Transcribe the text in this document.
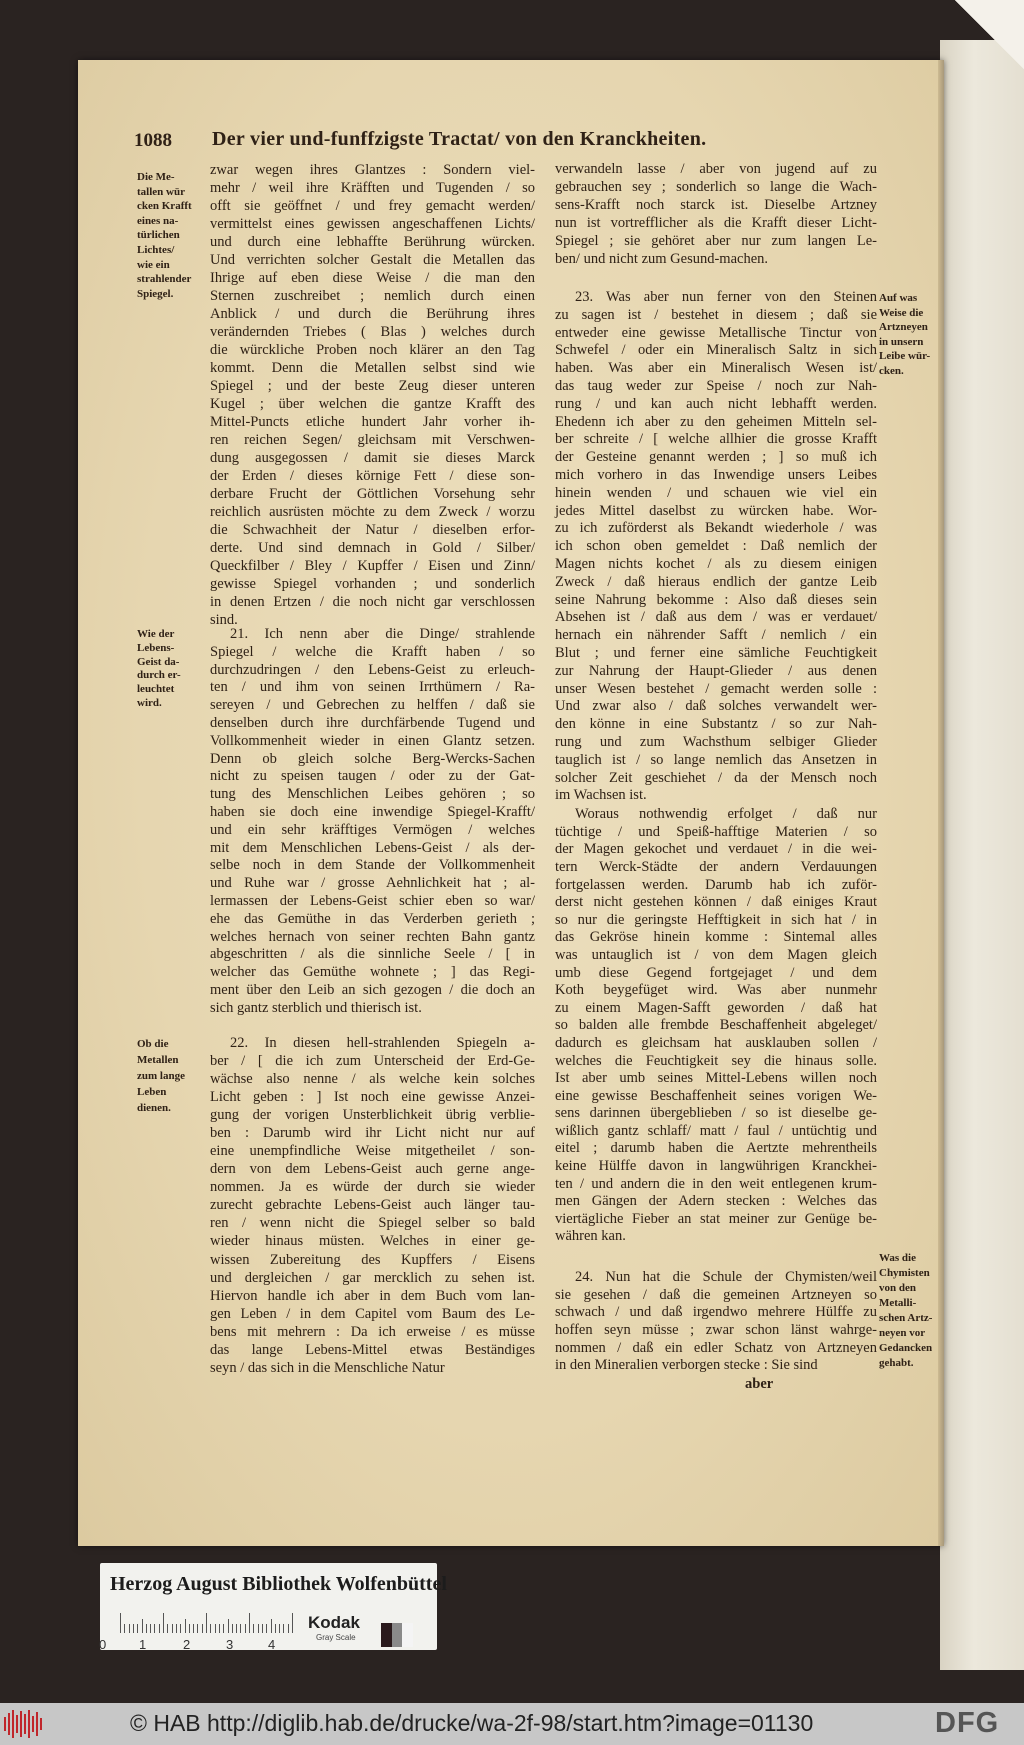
1088 Der vier und-funffzigste Tractat/ von den Kranckheiten.
zwar wegen ihres Glantzes : Sondern viel-
mehr / weil ihre Kräfften und Tugenden / so
offt sie geöffnet / und frey gemacht werden/
vermittelst eines gewissen angeschaffenen Lichts/
und durch eine lebhaffte Berührung würcken.
Und verrichten solcher Gestalt die Metallen das
Ihrige auf eben diese Weise / die man den
Sternen zuschreibet ; nemlich durch einen
Anblick / und durch die Berührung ihres
verändernden Triebes ( Blas ) welches durch
die würckliche Proben noch klärer an den Tag
kommt. Denn die Metallen selbst sind wie
Spiegel ; und der beste Zeug dieser unteren
Kugel ; über welchen die gantze Krafft des
Mittel-Puncts etliche hundert Jahr vorher ih-
ren reichen Segen/ gleichsam mit Verschwen-
dung ausgegossen / damit sie dieses Marck
der Erden / dieses körnige Fett / diese son-
derbare Frucht der Göttlichen Vorsehung sehr
reichlich ausrüsten möchte zu dem Zweck / worzu
die Schwachheit der Natur / dieselben erfor-
derte. Und sind demnach in Gold / Silber/
Queckfilber / Bley / Kupffer / Eisen und Zinn/
gewisse Spiegel vorhanden ; und sonderlich
in denen Ertzen / die noch nicht gar verschlossen
sind.
21. Ich nenn aber die Dinge/ strahlende
Spiegel / welche die Krafft haben / so
durchzudringen / den Lebens-Geist zu erleuch-
ten / und ihm von seinen Irrthümern / Ra-
sereyen / und Gebrechen zu helffen / daß sie
denselben durch ihre durchfärbende Tugend und
Vollkommenheit wieder in einen Glantz setzen.
Denn ob gleich solche Berg-Wercks-Sachen
nicht zu speisen taugen / oder zu der Gat-
tung des Menschlichen Leibes gehören ; so
haben sie doch eine inwendige Spiegel-Krafft/
und ein sehr kräfftiges Vermögen / welches
mit dem Menschlichen Lebens-Geist / als der-
selbe noch in dem Stande der Vollkommenheit
und Ruhe war / grosse Aehnlichkeit hat ; al-
lermassen der Lebens-Geist schier eben so war/
ehe das Gemüthe in das Verderben gerieth ;
welches hernach von seiner rechten Bahn gantz
abgeschritten / als die sinnliche Seele / [ in
welcher das Gemüthe wohnete ; ] das Regi-
ment über den Leib an sich gezogen / die doch an
sich gantz sterblich und thierisch ist.
22. In diesen hell-strahlenden Spiegeln a-
ber / [ die ich zum Unterscheid der Erd-Ge-
wächse also nenne / als welche kein solches
Licht geben : ] Ist noch eine gewisse Anzei-
gung der vorigen Unsterblichkeit übrig verblie-
ben : Darumb wird ihr Licht nicht nur auf
eine unempfindliche Weise mitgetheilet / son-
dern von dem Lebens-Geist auch gerne ange-
nommen. Ja es würde der durch sie wieder
zurecht gebrachte Lebens-Geist auch länger tau-
ren / wenn nicht die Spiegel selber so bald
wieder hinaus müsten. Welches in einer ge-
wissen Zubereitung des Kupffers / Eisens
und dergleichen / gar mercklich zu sehen ist.
Hiervon handle ich aber in dem Buch vom lan-
gen Leben / in dem Capitel vom Baum des Le-
bens mit mehrern : Da ich erweise / es müsse
das lange Lebens-Mittel etwas Beständiges
seyn / das sich in die Menschliche Natur
verwandeln lasse / aber von jugend auf zu
gebrauchen sey ; sonderlich so lange die Wach-
sens-Krafft noch starck ist. Dieselbe Artzney
nun ist vortrefflicher als die Krafft dieser Licht-
Spiegel ; sie gehöret aber nur zum langen Le-
ben/ und nicht zum Gesund-machen.
23. Was aber nun ferner von den Steinen
zu sagen ist / bestehet in diesem ; daß sie
entweder eine gewisse Metallische Tinctur von
Schwefel / oder ein Mineralisch Saltz in sich
haben. Was aber ein Mineralisch Wesen ist/
das taug weder zur Speise / noch zur Nah-
rung / und kan auch nicht lebhafft werden.
Ehedenn ich aber zu den geheimen Mitteln sel-
ber schreite / [ welche allhier die grosse Krafft
der Gesteine genannt werden ; ] so muß ich
mich vorhero in das Inwendige unsers Leibes
hinein wenden / und schauen wie viel ein
jedes Mittel daselbst zu würcken habe. Wor-
zu ich zuförderst als Bekandt wiederhole / was
ich schon oben gemeldet : Daß nemlich der
Magen nichts kochet / als zu diesem einigen
Zweck / daß hieraus endlich der gantze Leib
seine Nahrung bekomme : Also daß dieses sein
Absehen ist / daß aus dem / was er verdauet/
hernach ein nährender Safft / nemlich / ein
Blut ; und ferner eine sämliche Feuchtigkeit
zur Nahrung der Haupt-Glieder / aus denen
unser Wesen bestehet / gemacht werden solle :
Und zwar also / daß solches verwandelt wer-
den könne in eine Substantz / so zur Nah-
rung und zum Wachsthum selbiger Glieder
tauglich ist / so lange nemlich das Ansetzen in
solcher Zeit geschiehet / da der Mensch noch
im Wachsen ist.
Woraus nothwendig erfolget / daß nur
tüchtige / und Speiß-hafftige Materien / so
der Magen gekochet und verdauet / in die wei-
tern Werck-Städte der andern Verdauungen
fortgelassen werden. Darumb hab ich zuför-
derst nicht gestehen können / daß einiges Kraut
so nur die geringste Hefftigkeit in sich hat / in
das Gekröse hinein komme : Sintemal alles
was untauglich ist / von dem Magen gleich
umb diese Gegend fortgejaget / und dem
Koth beygefüget wird. Was aber nunmehr
zu einem Magen-Safft geworden / daß hat
so balden alle frembde Beschaffenheit abgeleget/
dadurch es gleichsam hat ausklauben sollen /
welches die Feuchtigkeit sey die hinaus solle.
Ist aber umb seines Mittel-Lebens willen noch
eine gewisse Beschaffenheit seines vorigen We-
sens darinnen übergeblieben / so ist dieselbe ge-
wißlich gantz schlaff/ matt / faul / untüchtig und
eitel ; darumb haben die Aertzte mehrentheils
keine Hülffe davon in langwührigen Kranckhei-
ten / und andern die in den weit entlegenen krum-
men Gängen der Adern stecken : Welches das
viertägliche Fieber an stat meiner zur Genüge be-
währen kan.
24. Nun hat die Schule der Chymisten/weil
sie gesehen / daß die gemeinen Artzneyen so
schwach / und daß irgendwo mehrere Hülffe zu
hoffen seyn müsse ; zwar schon länst wahrge-
nommen / daß ein edler Schatz von Artzneyen
in den Mineralien verborgen stecke : Sie sind
Die Me-
tallen wür
cken Krafft
eines na-
türlichen
Lichtes/
wie ein
strahlender
Spiegel.
Wie der
Lebens-
Geist da-
durch er-
leuchtet
wird.
Ob die
Metallen
zum lange
Leben
dienen.
Auf was
Weise die
Artzneyen
in unsern
Leibe wür-
cken.
Was die
Chymisten
von den
Metalli-
schen Artz-
neyen vor
Gedancken
gehabt.
aber
Herzog August Bibliothek Wolfenbüttel
0	1	2	3	4
Kodak
Gray Scale
© HAB http://diglib.hab.de/drucke/wa-2f-98/start.htm?image=01130	DFG
